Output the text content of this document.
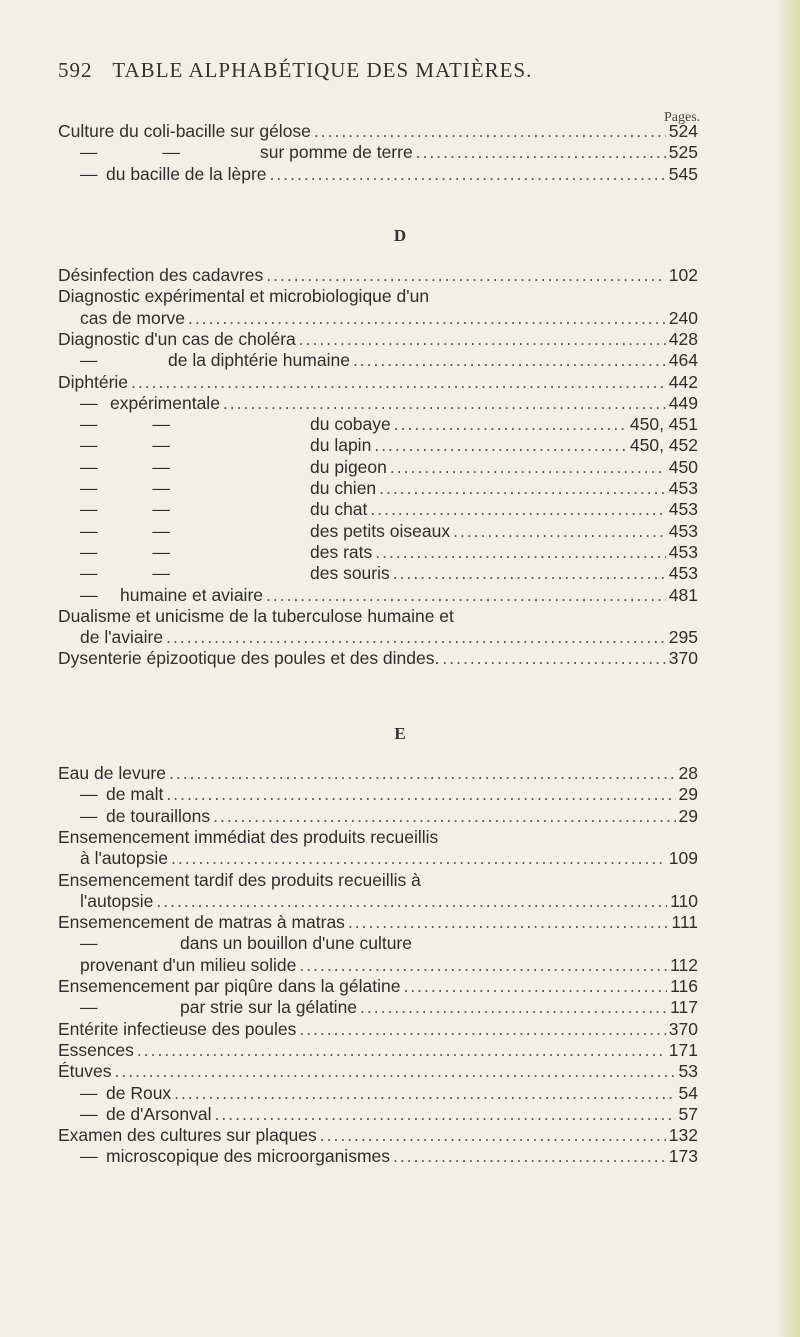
592 TABLE ALPHABÉTIQUE DES MATIÈRES.
Pages.
Culture du coli-bacille sur gélose .....	524
— —	sur pomme de terre .....	525
— du bacille de la lèpre .....	545
Désinfection des cadavres .....	102
Diagnostic expérimental et microbiologique d'un
cas de morve .....	240
Diagnostic d'un cas de choléra .....	428
—	de la diphtérie humaine .....	464
Diphtérie .....	442
— expérimentale .....	449
— —	du cobaye .....	450, 451
— —	du lapin .....	450, 452
— —	du pigeon .....	450
— —	du chien .....	453
— —	du chat .....	453
— —	des petits oiseaux .....	453
— —	des rats .....	453
— —	des souris .....	453
—	humaine et aviaire .....	481
Dualisme et unicisme de la tuberculose humaine et
de l'aviaire .....	295
Dysenterie épizootique des poules et des dindes. .....	370
Eau de levure .....	28
— de malt .....	29
— de touraillons .....	29
Ensemencement immédiat des produits recueillis
à l'autopsie .....	109
Ensemencement tardif des produits recueillis à
l'autopsie .....	110
Ensemencement de matras à matras .....	111
—	dans un bouillon d'une culture
provenant d'un milieu solide .....	112
Ensemencement par piqûre dans la gélatine .....	116
—	par strie sur la gélatine .....	117
Entérite infectieuse des poules .....	370
Essences .....	171
Étuves .....	53
— de Roux .....	54
— de d'Arsonval .....	57
Examen des cultures sur plaques .....	132
— microscopique des microorganismes .....	173
D
E
